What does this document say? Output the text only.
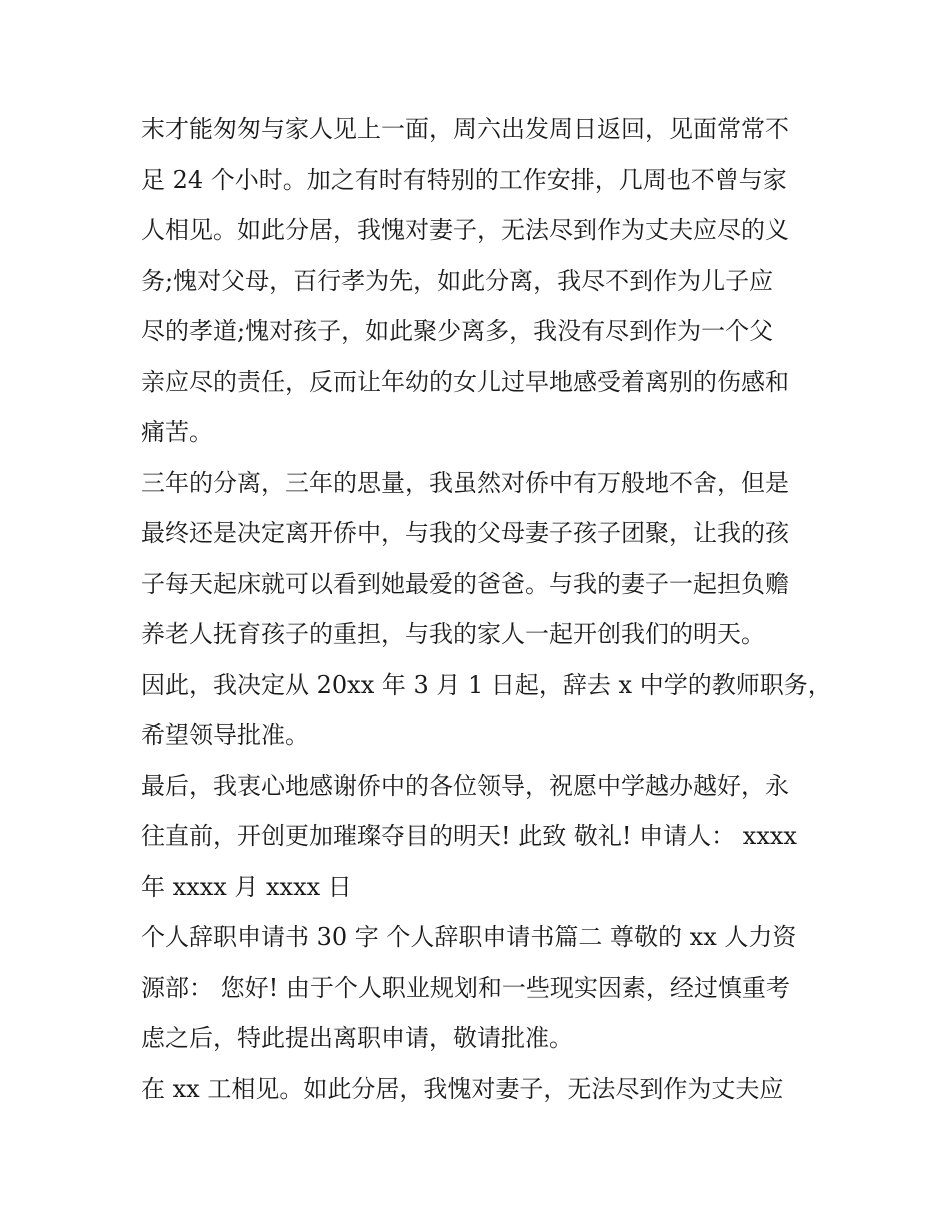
末才能匆匆与家人见上一面，周六出发周日返回，见面常常不
足 24 个小时。加之有时有特别的工作安排，几周也不曾与家
人相见。如此分居，我愧对妻子，无法尽到作为丈夫应尽的义
务;愧对父母，百行孝为先，如此分离，我尽不到作为儿子应
尽的孝道;愧对孩子，如此聚少离多，我没有尽到作为一个父
亲应尽的责任，反而让年幼的女儿过早地感受着离别的伤感和
痛苦。
三年的分离，三年的思量，我虽然对侨中有万般地不舍，但是
最终还是决定离开侨中，与我的父母妻子孩子团聚，让我的孩
子每天起床就可以看到她最爱的爸爸。与我的妻子一起担负赡
养老人抚育孩子的重担，与我的家人一起开创我们的明天。
因此，我决定从 20xx 年 3 月 1 日起，辞去 x 中学的教师职务，
希望领导批准。
最后，我衷心地感谢侨中的各位领导，祝愿中学越办越好，永
往直前，开创更加璀璨夺目的明天! 此致 敬礼! 申请人： xxxx
年 xxxx 月 xxxx 日
个人辞职申请书 30 字 个人辞职申请书篇二 尊敬的 xx 人力资
源部： 您好! 由于个人职业规划和一些现实因素，经过慎重考
虑之后，特此提出离职申请，敬请批准。
在 xx 工相见。如此分居，我愧对妻子，无法尽到作为丈夫应
